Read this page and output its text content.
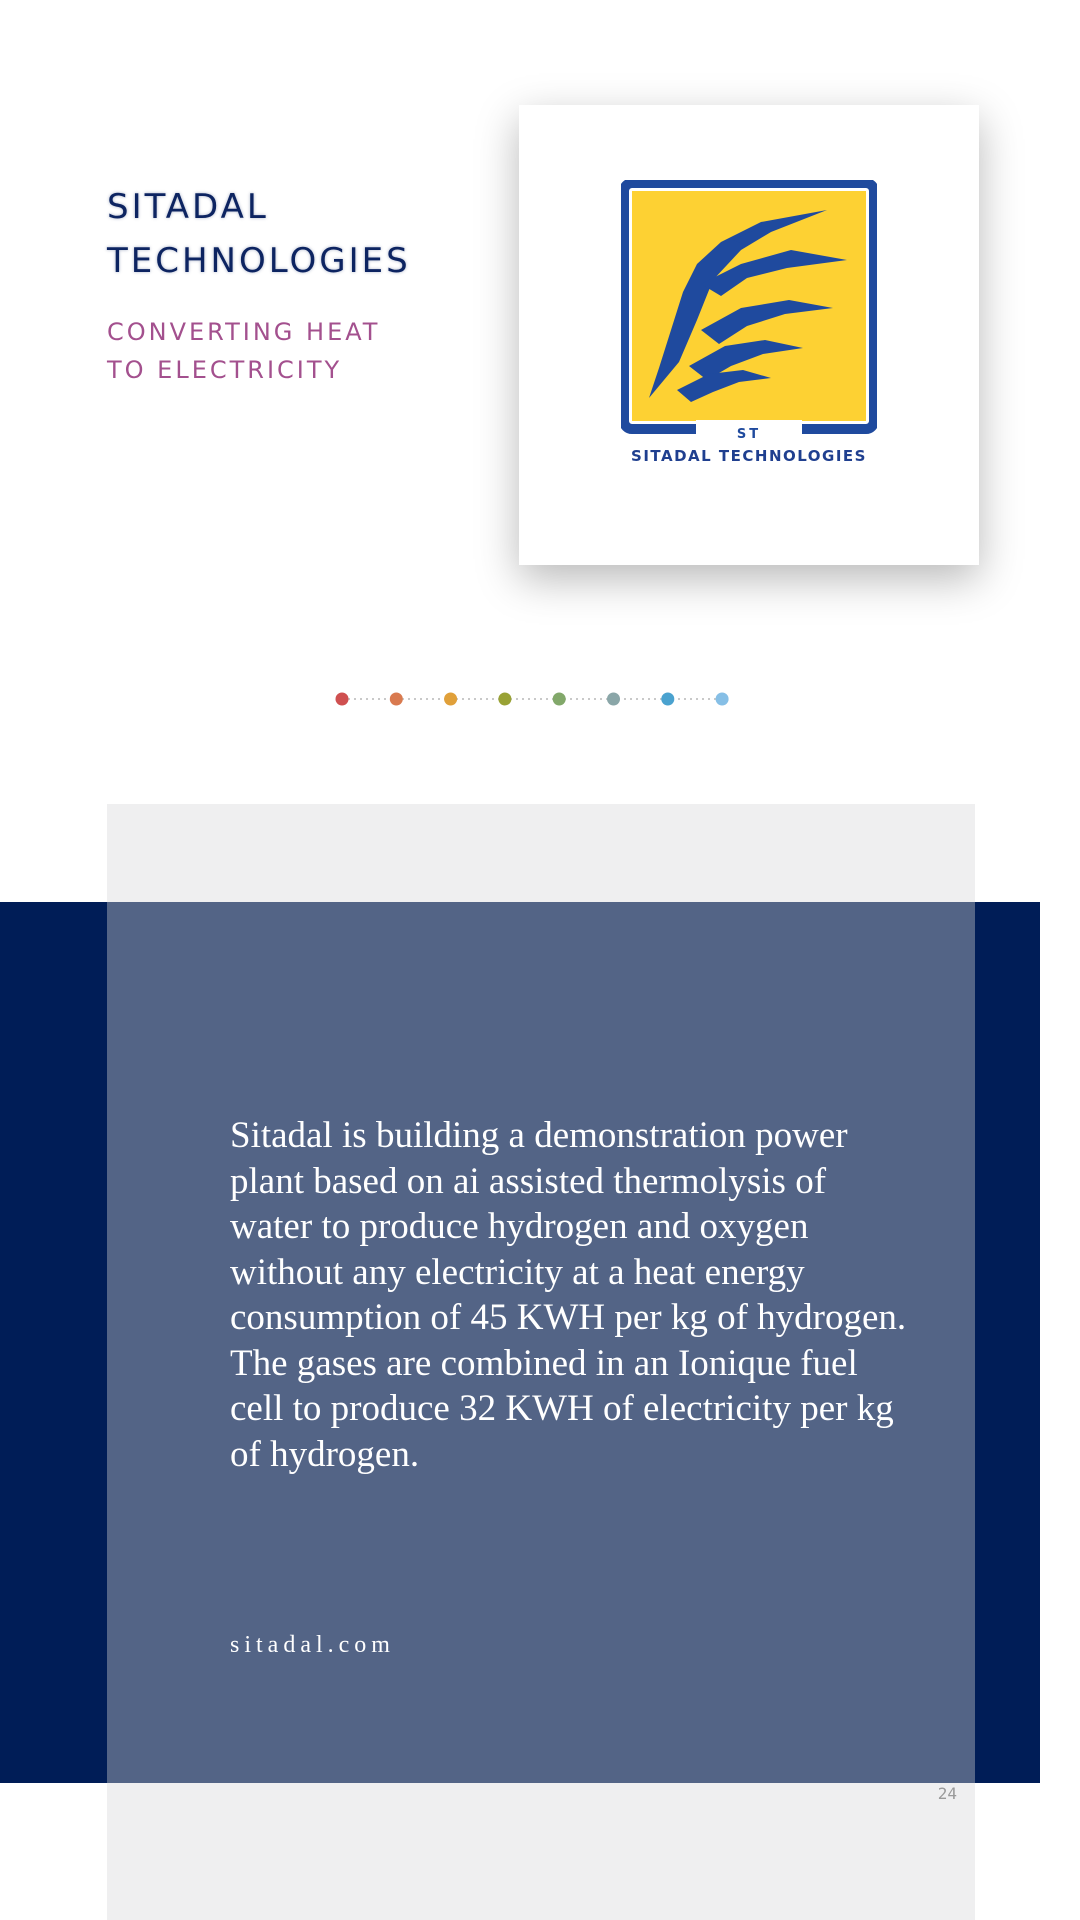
SITADAL
TECHNOLOGIES
CONVERTING HEAT
TO ELECTRICITY
ST
SITADAL TECHNOLOGIES

Sitadal is building a demonstration power plant based on ai assisted thermolysis of water to produce hydrogen and oxygen without any electricity at a heat energy consumption of 45 KWH per kg of hydrogen. The gases are combined in an Ionique fuel cell to produce 32 KWH of electricity per kg of hydrogen.

sitadal.com

24
